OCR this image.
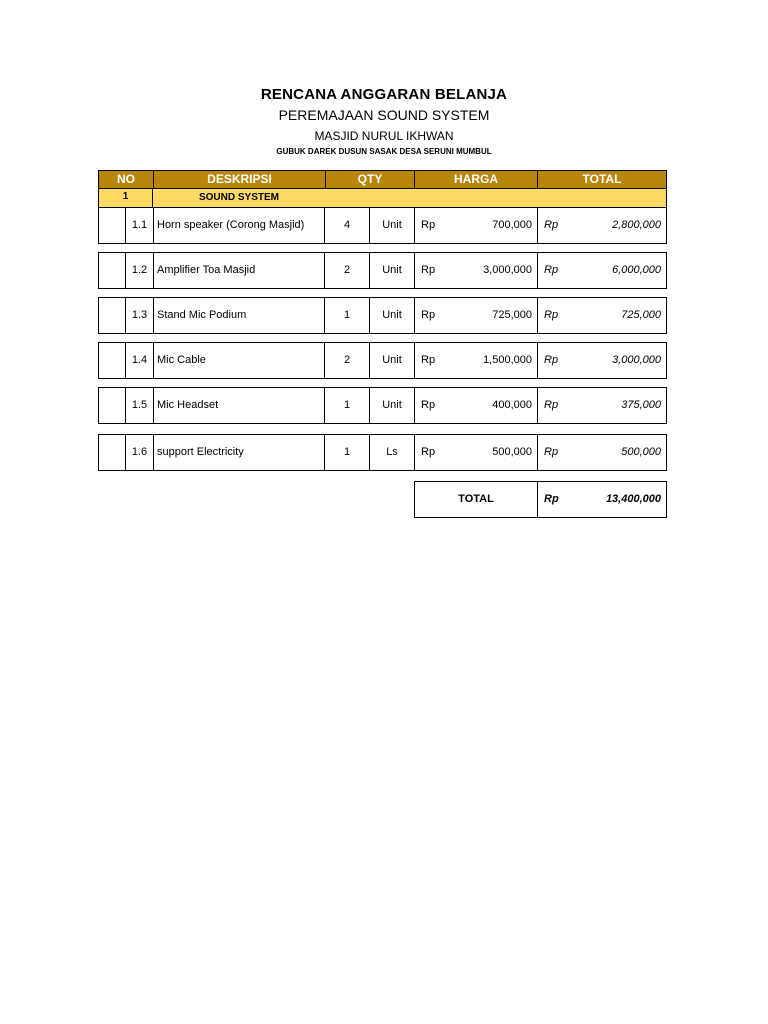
RENCANA ANGGARAN BELANJA
PEREMAJAAN SOUND SYSTEM
MASJID NURUL IKHWAN
GUBUK DAREK DUSUN SASAK DESA SERUNI MUMBUL
NO	DESKRIPSI	QTY	HARGA	TOTAL
1	SOUND SYSTEM
1.1 Horn speaker (Corong Masjid)	4	Unit	Rp	700,000 Rp	2,800,000
1.2 Amplifier Toa Masjid	2	Unit	Rp	3,000,000 Rp	6,000,000
1.3 Stand Mic Podium	1	Unit	Rp	725,000 Rp	725,000
1.4 Mic Cable	2	Unit	Rp	1,500,000 Rp	3,000,000
1.5 Mic Headset	1	Unit	Rp	400,000 Rp	375,000
1.6 support Electricity	1	Ls	Rp	500,000 Rp	500,000
TOTAL	Rp	13,400,000
